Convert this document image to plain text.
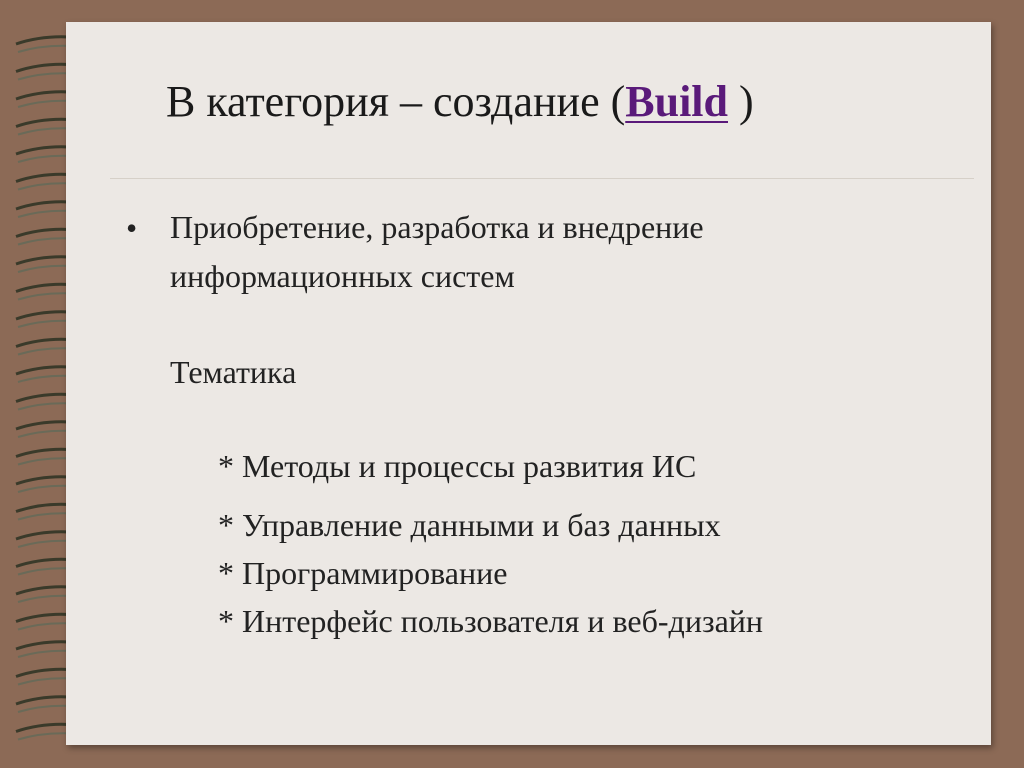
В категория – создание (Build )
• Приобретение, разработка и внедрение
информационных систем
Тематика
* Методы и процессы развития ИС
* Управление данными и баз данных
* Программирование
* Интерфейс пользователя и веб-дизайн
